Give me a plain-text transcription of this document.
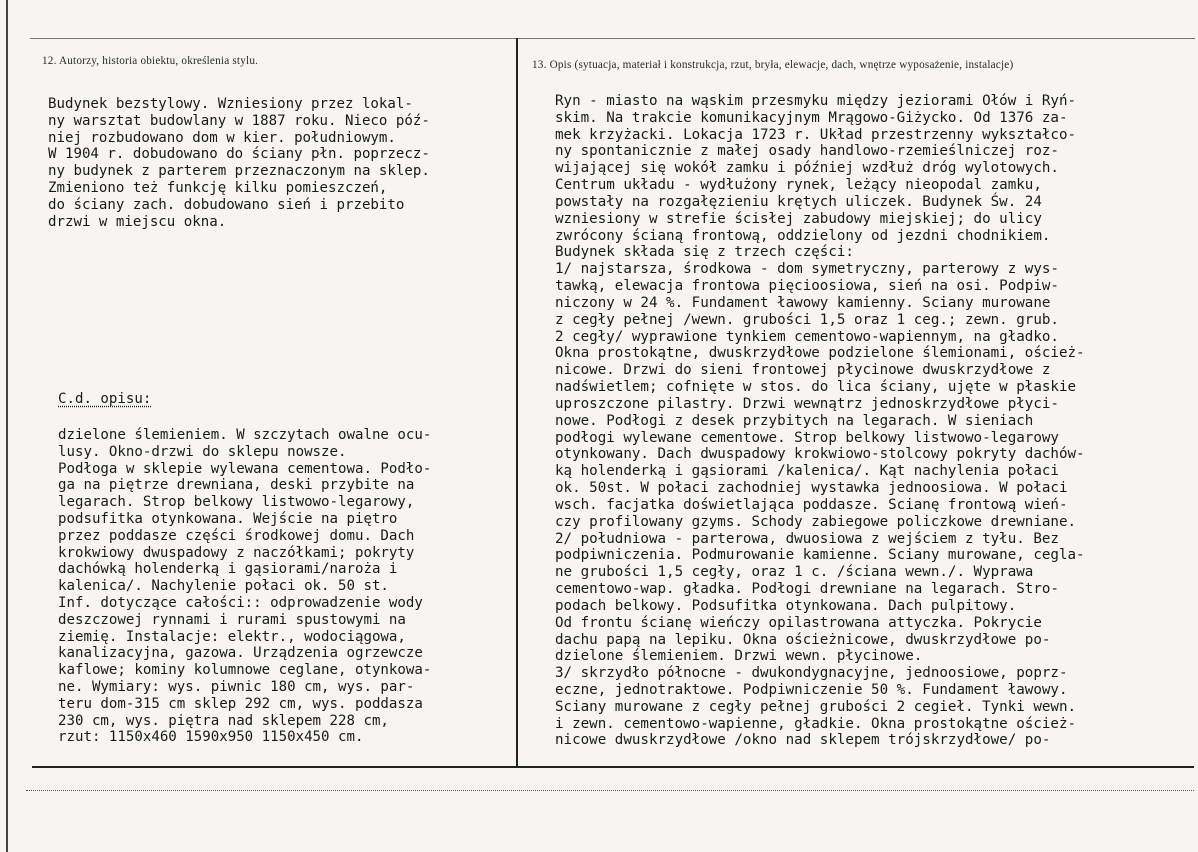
12. Autorzy, historia obiektu, określenia stylu.	13. Opis (sytuacja, materiał i konstrukcja, rzut, bryła, elewacje, dach, wnętrze wyposażenie, instalacje)
Budynek bezstylowy. Wzniesiony przez lokal-
ny warsztat budowlany w 1887 roku. Nieco póź-
niej rozbudowano dom w kier. południowym.
W 1904 r. dobudowano do ściany płn. poprzecz-
ny budynek z parterem przeznaczonym na sklep.
Zmieniono też funkcję kilku pomieszczeń,
do ściany zach. dobudowano sień i przebito
drzwi w miejscu okna.
C.d. opisu:
dzielone ślemieniem. W szczytach owalne ocu-
lusy. Okno-drzwi do sklepu nowsze.
Podłoga w sklepie wylewana cementowa. Podło-
ga na piętrze drewniana, deski przybite na
legarach. Strop belkowy listwowo-legarowy,
podsufitka otynkowana. Wejście na piętro
przez poddasze części środkowej domu. Dach
krokwiowy dwuspadowy z naczółkami; pokryty
dachówką holenderką i gąsiorami/naroża i
kalenica/. Nachylenie połaci ok. 50 st.
Inf. dotyczące całości:: odprowadzenie wody
deszczowej rynnami i rurami spustowymi na
ziemię. Instalacje: elektr., wodociągowa,
kanalizacyjna, gazowa. Urządzenia ogrzewcze
kaflowe; kominy kolumnowe ceglane, otynkowa-
ne. Wymiary: wys. piwnic 180 cm, wys. par-
teru dom-315 cm sklep 292 cm, wys. poddasza
230 cm, wys. piętra nad sklepem 228 cm,
rzut: 1150x460 1590x950 1150x450 cm.
Ryn - miasto na wąskim przesmyku między jeziorami Ołów i Ryń-
skim. Na trakcie komunikacyjnym Mrągowo-Giżycko. Od 1376 za-
mek krzyżacki. Lokacja 1723 r. Układ przestrzenny wykształco-
ny spontanicznie z małej osady handlowo-rzemieślniczej roz-
wijającej się wokół zamku i później wzdłuż dróg wylotowych.
Centrum układu - wydłużony rynek, leżący nieopodal zamku,
powstały na rozgałęzieniu krętych uliczek. Budynek Św. 24
wzniesiony w strefie ścisłej zabudowy miejskiej; do ulicy
zwrócony ścianą frontową, oddzielony od jezdni chodnikiem.
Budynek składa się z trzech części:
1/ najstarsza, środkowa - dom symetryczny, parterowy z wys-
tawką, elewacja frontowa pięcioosiowa, sień na osi. Podpiw-
niczony w 24 %. Fundament ławowy kamienny. Sciany murowane
z cegły pełnej /wewn. grubości 1,5 oraz 1 ceg.; zewn. grub.
2 cegły/ wyprawione tynkiem cementowo-wapiennym, na gładko.
Okna prostokątne, dwuskrzydłowe podzielone ślemionami, oścież-
nicowe. Drzwi do sieni frontowej płycinowe dwuskrzydłowe z
nadświetlem; cofnięte w stos. do lica ściany, ujęte w płaskie
uproszczone pilastry. Drzwi wewnątrz jednoskrzydłowe płyci-
nowe. Podłogi z desek przybitych na legarach. W sieniach
podłogi wylewane cementowe. Strop belkowy listwowo-legarowy
otynkowany. Dach dwuspadowy krokwiowo-stolcowy pokryty dachów-
ką holenderką i gąsiorami /kalenica/. Kąt nachylenia połaci
ok. 50st. W połaci zachodniej wystawka jednoosiowa. W połaci
wsch. facjatka doświetlająca poddasze. Scianę frontową wień-
czy profilowany gzyms. Schody zabiegowe policzkowe drewniane.
2/ południowa - parterowa, dwuosiowa z wejściem z tyłu. Bez
podpiwniczenia. Podmurowanie kamienne. Sciany murowane, cegla-
ne grubości 1,5 cegły, oraz 1 c. /ściana wewn./. Wyprawa
cementowo-wap. gładka. Podłogi drewniane na legarach. Stro-
podach belkowy. Podsufitka otynkowana. Dach pulpitowy.
Od frontu ścianę wieńczy opilastrowana attyczka. Pokrycie
dachu papą na lepiku. Okna ościeżnicowe, dwuskrzydłowe po-
dzielone ślemieniem. Drzwi wewn. płycinowe.
3/ skrzydło północne - dwukondygnacyjne, jednoosiowe, poprz-
eczne, jednotraktowe. Podpiwniczenie 50 %. Fundament ławowy.
Sciany murowane z cegły pełnej grubości 2 cegieł. Tynki wewn.
i zewn. cementowo-wapienne, gładkie. Okna prostokątne oścież-
nicowe dwuskrzydłowe /okno nad sklepem trójskrzydłowe/ po-
